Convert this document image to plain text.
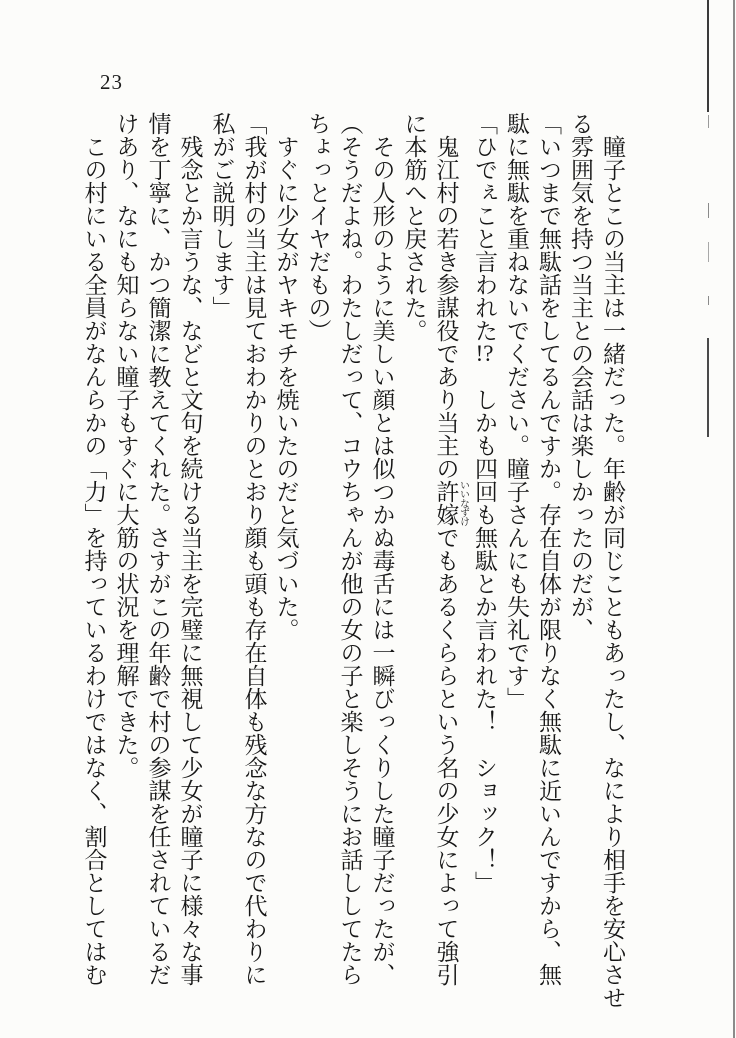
23
　瞳子とこの当主は一緒だった。年齢が同じこともあったし、なにより相手を安心させ
る雰囲気を持つ当主との会話は楽しかったのだが、
「いつまで無駄話をしてるんですか。存在自体が限りなく無駄に近いんですから、無
駄に無駄を重ねないでください。瞳子さんにも失礼です」
「ひでぇこと言われた!?　しかも四回も無駄とか言われた！　ショック！」
　鬼江村の若き参謀役であり当主の許嫁 いいなずけでもあるくららという名の少女によって強引
に本筋へと戻された。
　その人形のように美しい顔とは似つかぬ毒舌には一瞬びっくりした瞳子だったが、
（そうだよね。わたしだって、コウちゃんが他の女の子と楽しそうにお話ししてたら
ちょっとイヤだもの）
　すぐに少女がヤキモチを焼いたのだと気づいた。
「我が村の当主は見ておわかりのとおり顔も頭も存在自体も残念な方なので代わりに
私がご説明します」
　残念とか言うな、などと文句を続ける当主を完璧に無視して少女が瞳子に様々な事
情を丁寧に、かつ簡潔に教えてくれた。さすがこの年齢で村の参謀を任されているだ
けあり、なにも知らない瞳子もすぐに大筋の状況を理解できた。
　この村にいる全員がなんらかの「力」を持っているわけではなく、割合としてはむ
